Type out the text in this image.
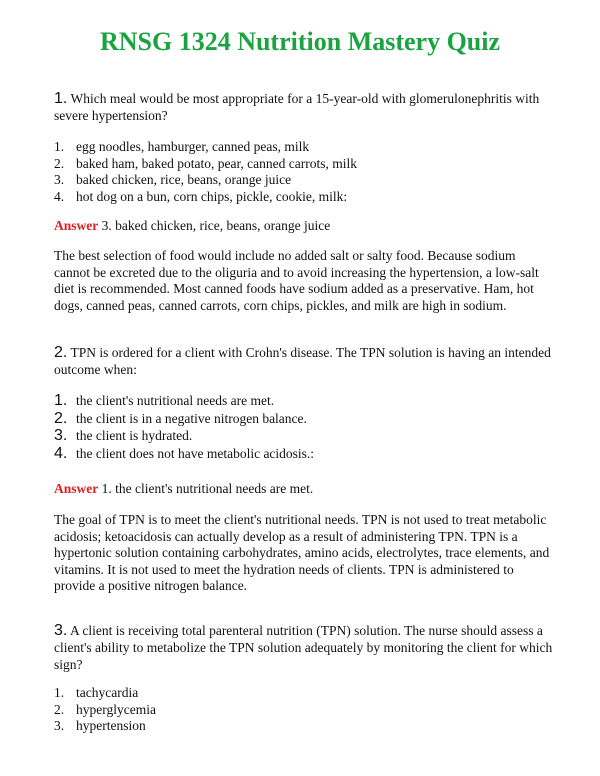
RNSG 1324 Nutrition Mastery Quiz
1. Which meal would be most appropriate for a 15-year-old with glomerulonephritis with severe hypertension?
1. egg noodles, hamburger, canned peas, milk
2. baked ham, baked potato, pear, canned carrots, milk
3. baked chicken, rice, beans, orange juice
4. hot dog on a bun, corn chips, pickle, cookie, milk:
Answer 3. baked chicken, rice, beans, orange juice
The best selection of food would include no added salt or salty food. Because sodium cannot be excreted due to the oliguria and to avoid increasing the hypertension, a low-salt diet is recommended. Most canned foods have sodium added as a preservative. Ham, hot dogs, canned peas, canned carrots, corn chips, pickles, and milk are high in sodium.
2. TPN is ordered for a client with Crohn's disease. The TPN solution is having an intended outcome when:
1. the client's nutritional needs are met.
2. the client is in a negative nitrogen balance.
3. the client is hydrated.
4. the client does not have metabolic acidosis.:
Answer 1. the client's nutritional needs are met.
The goal of TPN is to meet the client's nutritional needs. TPN is not used to treat metabolic acidosis; ketoacidosis can actually develop as a result of administering TPN. TPN is a hypertonic solution containing carbohydrates, amino acids, electrolytes, trace elements, and vitamins. It is not used to meet the hydration needs of clients. TPN is administered to provide a positive nitrogen balance.
3. A client is receiving total parenteral nutrition (TPN) solution. The nurse should assess a client's ability to metabolize the TPN solution adequately by monitoring the client for which sign?
1. tachycardia
2. hyperglycemia
3. hypertension
